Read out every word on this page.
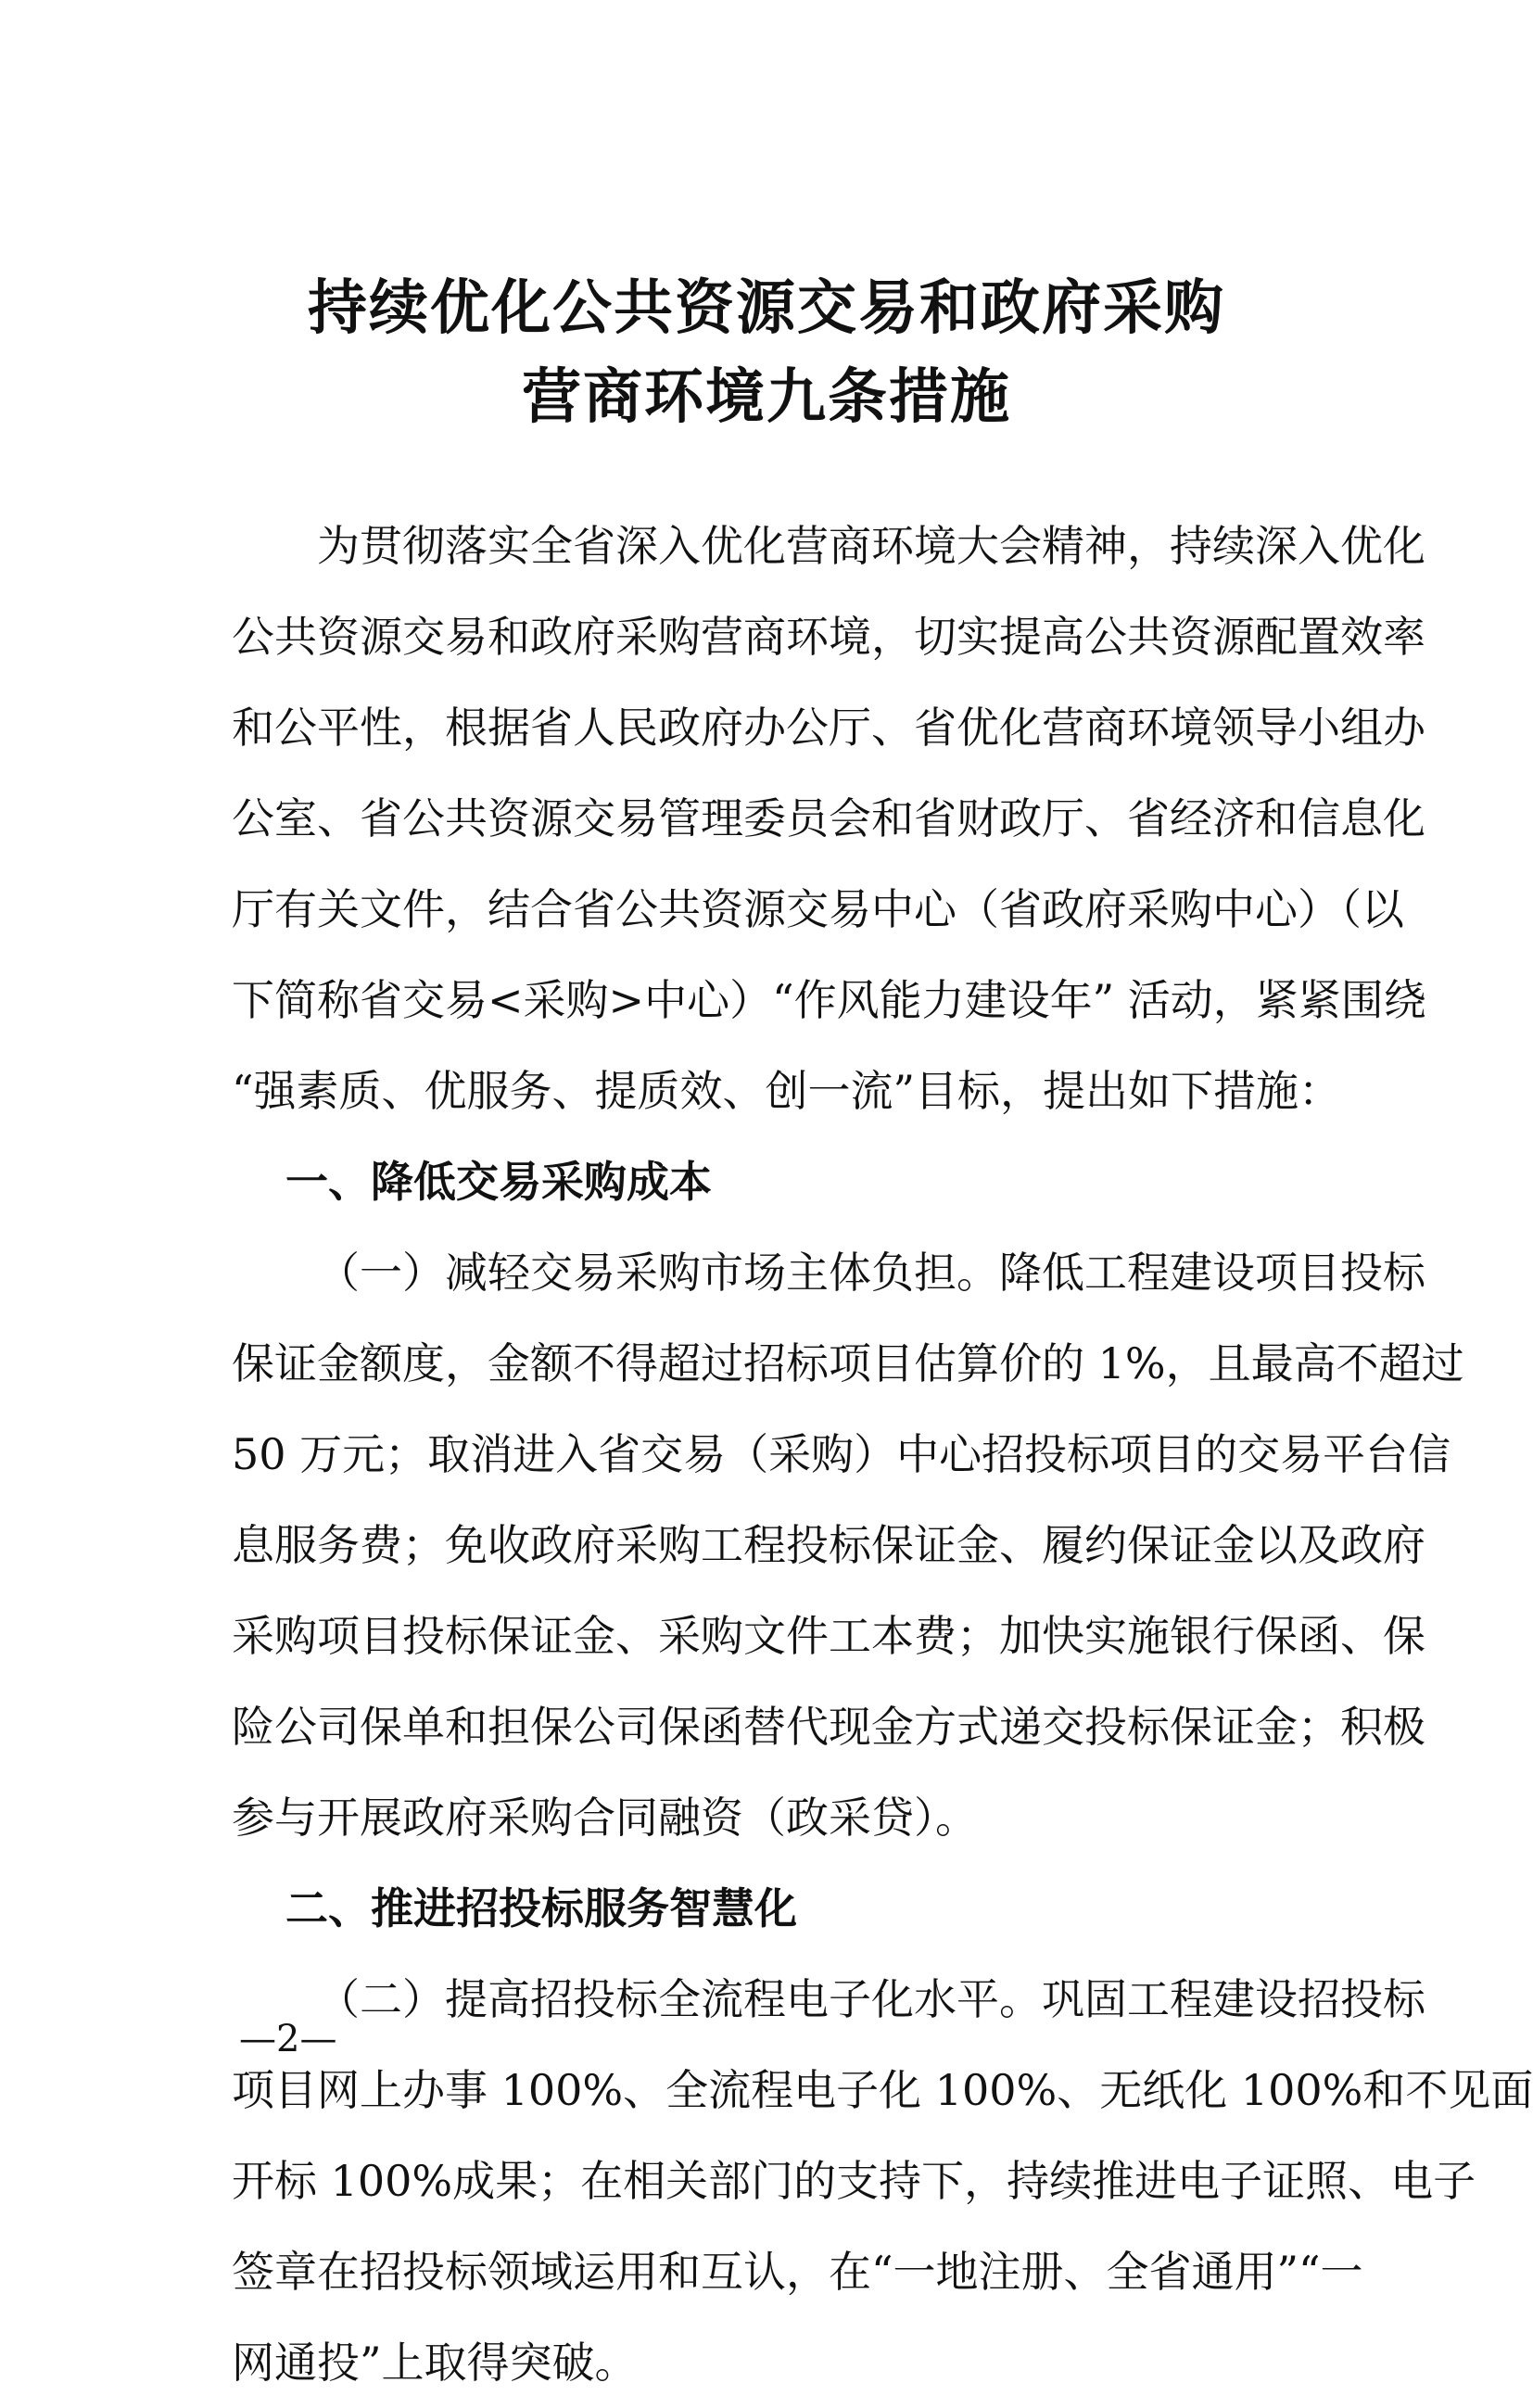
持续优化公共资源交易和政府采购
营商环境九条措施
为贯彻落实全省深入优化营商环境大会精神，持续深入优化
公共资源交易和政府采购营商环境，切实提高公共资源配置效率
和公平性，根据省人民政府办公厅、省优化营商环境领导小组办
公室、省公共资源交易管理委员会和省财政厅、省经济和信息化
厅有关文件，结合省公共资源交易中心（省政府采购中心）（以
下简称省交易<采购>中心）“作风能力建设年” 活动，紧紧围绕
“强素质、优服务、提质效、创一流”目标，提出如下措施：
一、降低交易采购成本
（一）减轻交易采购市场主体负担。降低工程建设项目投标
保证金额度，金额不得超过招标项目估算价的 1%，且最高不超过
50 万元；取消进入省交易（采购）中心招投标项目的交易平台信
息服务费；免收政府采购工程投标保证金、履约保证金以及政府
采购项目投标保证金、采购文件工本费；加快实施银行保函、保
险公司保单和担保公司保函替代现金方式递交投标保证金；积极
参与开展政府采购合同融资（政采贷）。
二、推进招投标服务智慧化
（二）提高招投标全流程电子化水平。巩固工程建设招投标
项目网上办事 100%、全流程电子化 100%、无纸化 100%和不见面
开标 100%成果；在相关部门的支持下，持续推进电子证照、电子
签章在招投标领域运用和互认，在“一地注册、全省通用”“一
网通投”上取得突破。
—2—
